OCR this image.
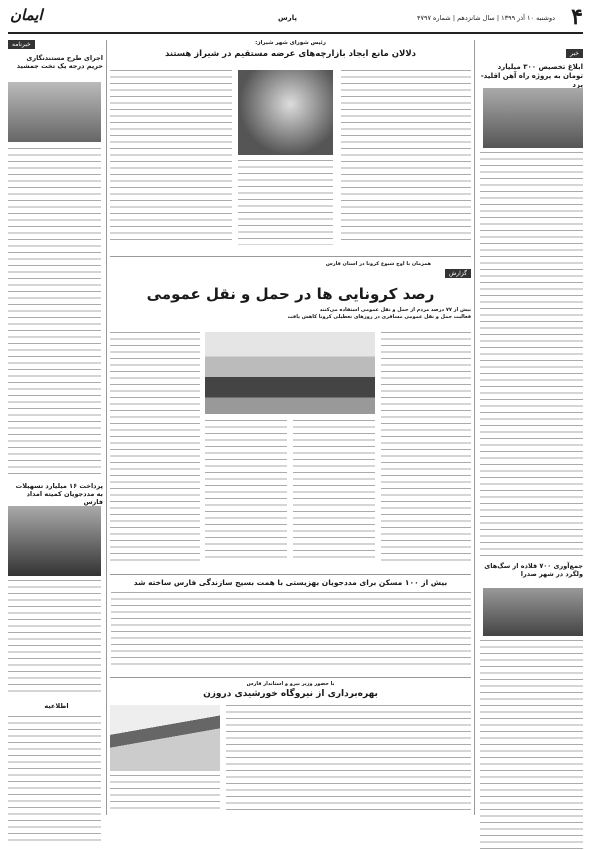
۴
دوشنبه ۱۰ آذر ۱۳۹۹ | سال شانزدهم | شماره ۴۷۹۷
پارس
ایمان
خبر
ابلاغ تخصیص ۳۰۰ میلیارد تومان به پروژه راه آهن اقلید-یزد
جمع‌آوری ۷۰۰ قلاده از سگ‌های ولگرد در شهر صدرا
خبرنامه
اجرای طرح مستندنگاری حریم درجه یک تخت جمشید
پرداخت ۱۶ میلیارد تسهیلات به مددجویان کمیته امداد فارس
اطلاعیه
رئیس شورای شهر شیراز:
دلالان مانع ایجاد بازارچه‌های عرضه مستقیم در شیراز هستند
گزارش
همزمان با اوج شیوع کرونا در استان فارس
رصد کرونایی ها در حمل و نقل عمومی
بیش از ۷۷ درصد مردم از حمل و نقل عمومی استفاده می‌کنند
فعالیت حمل و نقل عمومی مسافری در روزهای تعطیلی کرونا کاهش یافت
بیش از ۱۰۰ مسکن برای مددجویان بهزیستی با همت بسیج سازندگی فارس ساخته شد
با حضور وزیر نیرو و استاندار فارس
بهره‌برداری از نیروگاه خورشیدی دروزن
